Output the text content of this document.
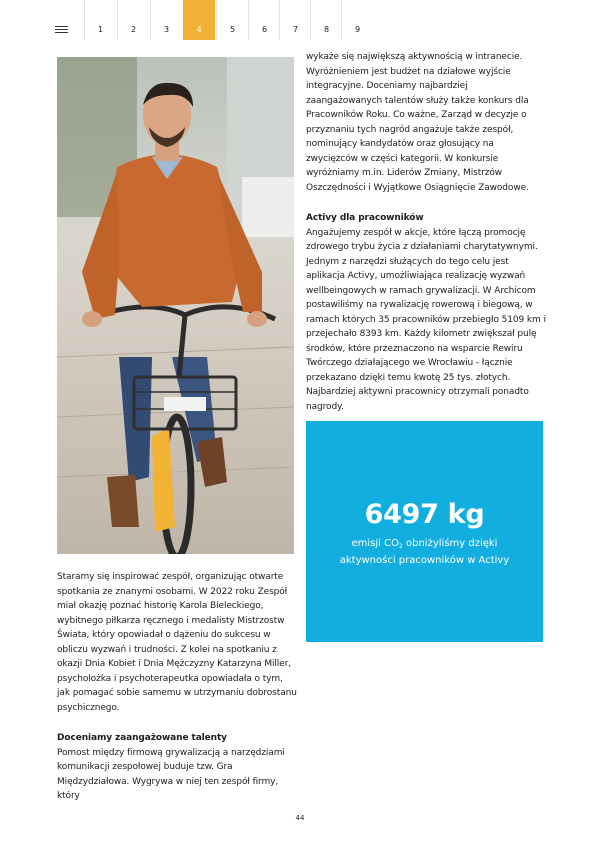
1	2	3	4	5	6	7	8	9

wykaże się największą aktywnością w intranecie. Wyróżnieniem jest budżet na działowe wyjście integracyjne. Doceniamy najbardziej zaangażowanych talentów służy także konkurs dla Pracowników Roku. Co ważne, Zarząd w decyzje o przyznaniu tych nagród angażuje także zespół, nominujący kandydatów oraz głosujący na zwycięzców w części kategorii. W konkursie wyróżniamy m.in. Liderów Zmiany, Mistrzów Oszczędności i Wyjątkowe Osiągnięcie Zawodowe.

Activy dla pracowników

Angażujemy zespół w akcje, które łączą promocję zdrowego trybu życia z działaniami charytatywnymi. Jednym z narzędzi służących do tego celu jest aplikacja Activy, umożliwiająca realizację wyzwań wellbeingowych w ramach grywalizacji. W Archicom postawiliśmy na rywalizację rowerową i biegową, w ramach których 35 pracowników przebiegło 5109 km i przejechało 8393 km. Każdy kilometr zwiększał pulę środków, które przeznaczono na wsparcie Rewiru Twórczego działającego we Wrocławiu - łącznie przekazano dzięki temu kwotę 25 tys. złotych. Najbardziej aktywni pracownicy otrzymali ponadto nagrody.

6497 kg
emisji $CO_2$ obniżyliśmy dzięki
aktywności pracowników w Activy

Staramy się inspirować zespół, organizując otwarte spotkania ze znanymi osobami. W 2022 roku Zespół miał okazję poznać historię Karola Bieleckiego, wybitnego piłkarza ręcznego i medalisty Mistrzostw Świata, który opowiadał o dążeniu do sukcesu w obliczu wyzwań i trudności. Z kolei na spotkaniu z okazji Dnia Kobiet i Dnia Mężczyzny Katarzyna Miller, psycholożka i psychoterapeutka opowiadała o tym, jak pomagać sobie samemu w utrzymaniu dobrostanu psychicznego.

Doceniamy zaangażowane talenty

Pomost między firmową grywalizacją a narzędziami komunikacji zespołowej buduje tzw. Gra Międzydziałowa. Wygrywa w niej ten zespół firmy, który

44
